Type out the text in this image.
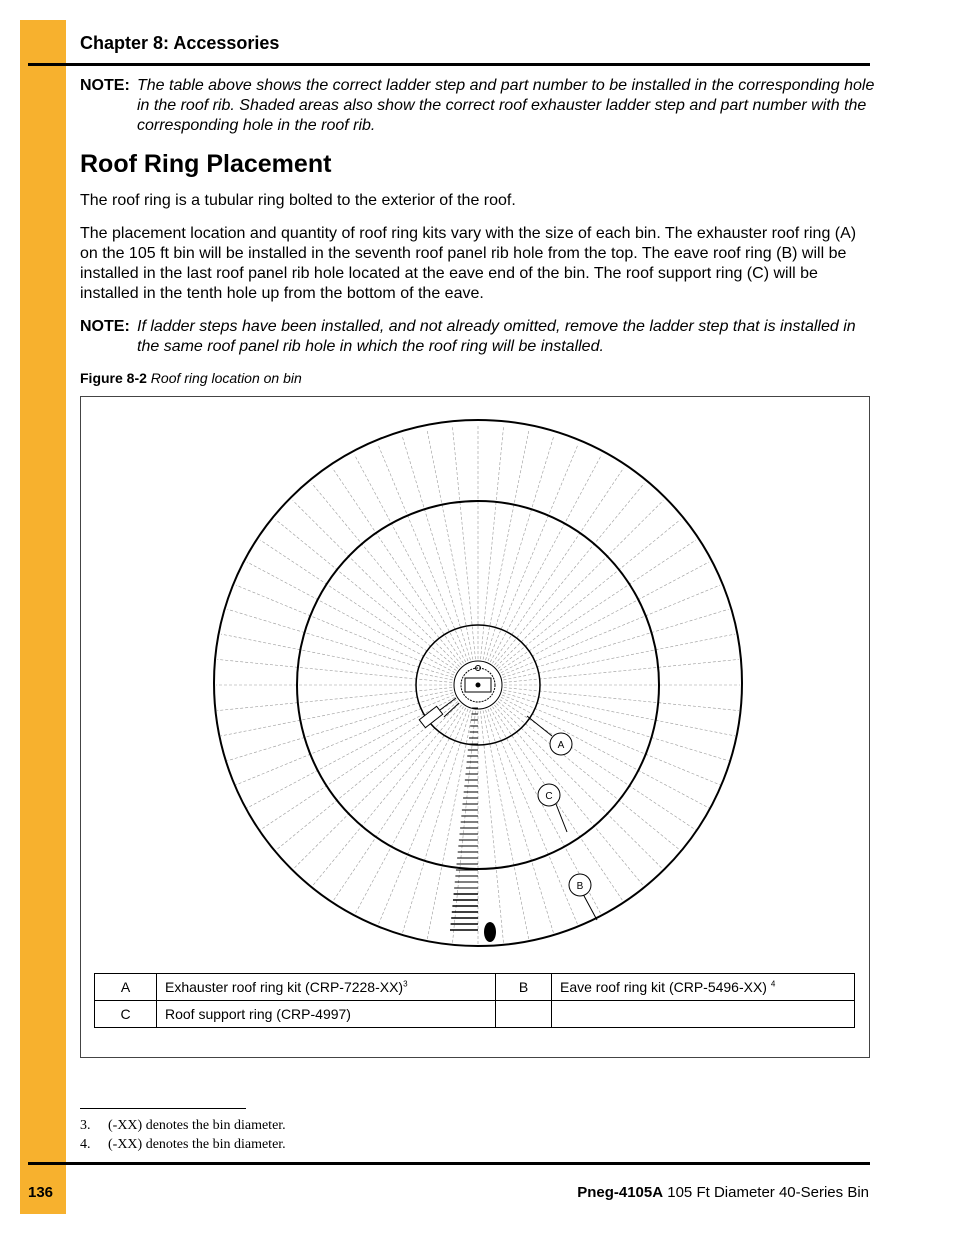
Chapter 8: Accessories
NOTE: The table above shows the correct ladder step and part number to be installed in the corresponding hole in the roof rib. Shaded areas also show the correct roof exhauster ladder step and part number with the corresponding hole in the roof rib.
Roof Ring Placement
The roof ring is a tubular ring bolted to the exterior of the roof.
The placement location and quantity of roof ring kits vary with the size of each bin. The exhauster roof ring (A) on the 105 ft bin will be installed in the seventh roof panel rib hole from the top. The eave roof ring (B) will be installed in the last roof panel rib hole located at the eave end of the bin. The roof support ring (C) will be installed in the tenth hole up from the bottom of the eave.
NOTE: If ladder steps have been installed, and not already omitted, remove the ladder step that is installed in the same roof panel rib hole in which the roof ring will be installed.
Figure 8-2 Roof ring location on bin
A
C
B
A	Exhauster roof ring kit $(CRP-7228-XX)^3$	B	Eave roof ring kit (CRP-5496-XX) $^4$
C	Roof support ring (CRP-4997)		
3. (-XX) denotes the bin diameter.
4. (-XX) denotes the bin diameter.
136	Pneg-4105A 105 Ft Diameter 40-Series Bin
